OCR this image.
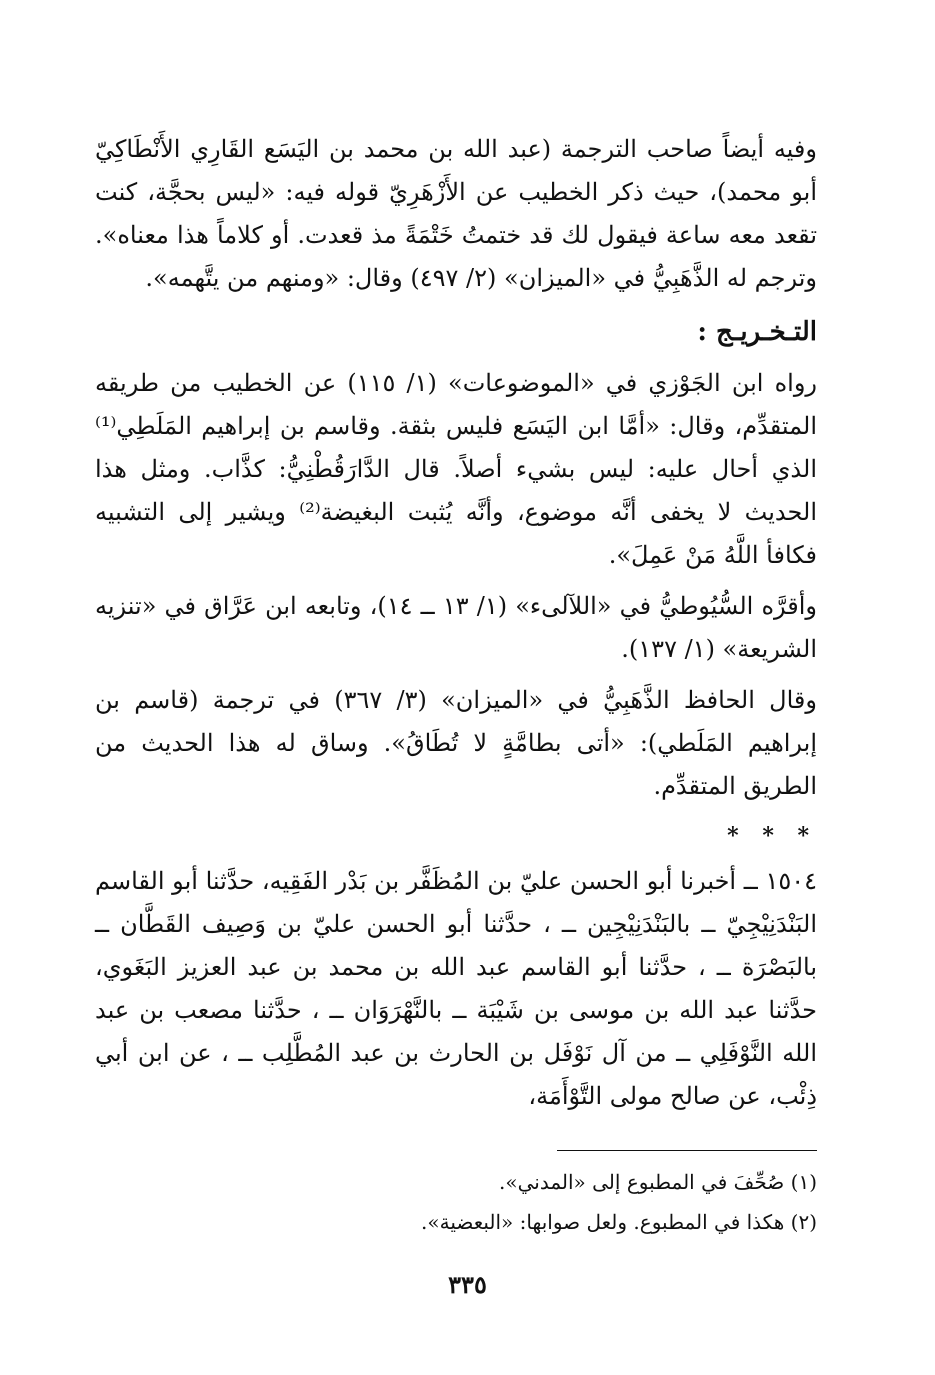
وفيه أيضاً صاحب الترجمة (عبد الله بن محمد بن اليَسَع القَارِي الأَنْطَاكِيّ أبو محمد)، حيث ذكر الخطيب عن الأَزْهَرِيّ قوله فيه: «ليس بحجَّة، كنت تقعد معه ساعة فيقول لك قد ختمتُ خَتْمَةً مذ قعدت. أو كلاماً هذا معناه». وترجم له الذَّهَبِيُّ في «الميزان» (٢/ ٤٩٧) وقال: «ومنهم من يتَّهمه».

التـخـريـج :

رواه ابن الجَوْزي في «الموضوعات» (١/ ١١٥) عن الخطيب من طريقه المتقدِّم، وقال: «أمَّا ابن اليَسَع فليس بثقة. وقاسم بن إبراهيم المَلَطِي⁽¹⁾ الذي أحال عليه: ليس بشيء أصلاً. قال الدَّارَقُطْنِيُّ: كذَّاب. ومثل هذا الحديث لا يخفى أنَّه موضوع، وأنَّه يُثبت البغيضة⁽²⁾ ويشير إلى التشبيه فكافأ اللَّهُ مَنْ عَمِلَ».

وأقرَّه السُّيُوطيُّ في «اللآلىء» (١/ ١٣ ــ ١٤)، وتابعه ابن عَرَّاق في «تنزيه الشريعة» (١/ ١٣٧).

وقال الحافظ الذَّهَبِيُّ في «الميزان» (٣/ ٣٦٧) في ترجمة (قاسم بن إبراهيم المَلَطي): «أتى بطامَّةٍ لا تُطَاقُ». وساق له هذا الحديث من الطريق المتقدِّم.

* * *

١٥٠٤ ــ أخبرنا أبو الحسن عليّ بن المُظَفَّر بن بَدْر الفَقِيه، حدَّثنا أبو القاسم البَنْدَنِيْجِيّ ــ بالبَنْدَنِيْجِين ــ ، حدَّثنا أبو الحسن عليّ بن وَصِيف القَطَّان ــ بالبَصْرَة ــ ، حدَّثنا أبو القاسم عبد الله بن محمد بن عبد العزيز البَغَوي، حدَّثنا عبد الله بن موسى بن شَيْبَة ــ بالنَّهْرَوَان ــ ، حدَّثنا مصعب بن عبد الله النَّوْفَلِي ــ من آل نَوْفَل بن الحارث بن عبد المُطَّلِب ــ ، عن ابن أبي ذِئْب، عن صالح مولى التَّوْأَمَة،

(١) صُحِّفَ في المطبوع إلى «المدني».

(٢) هكذا في المطبوع. ولعل صوابها: «البعضية».

٣٣٥
